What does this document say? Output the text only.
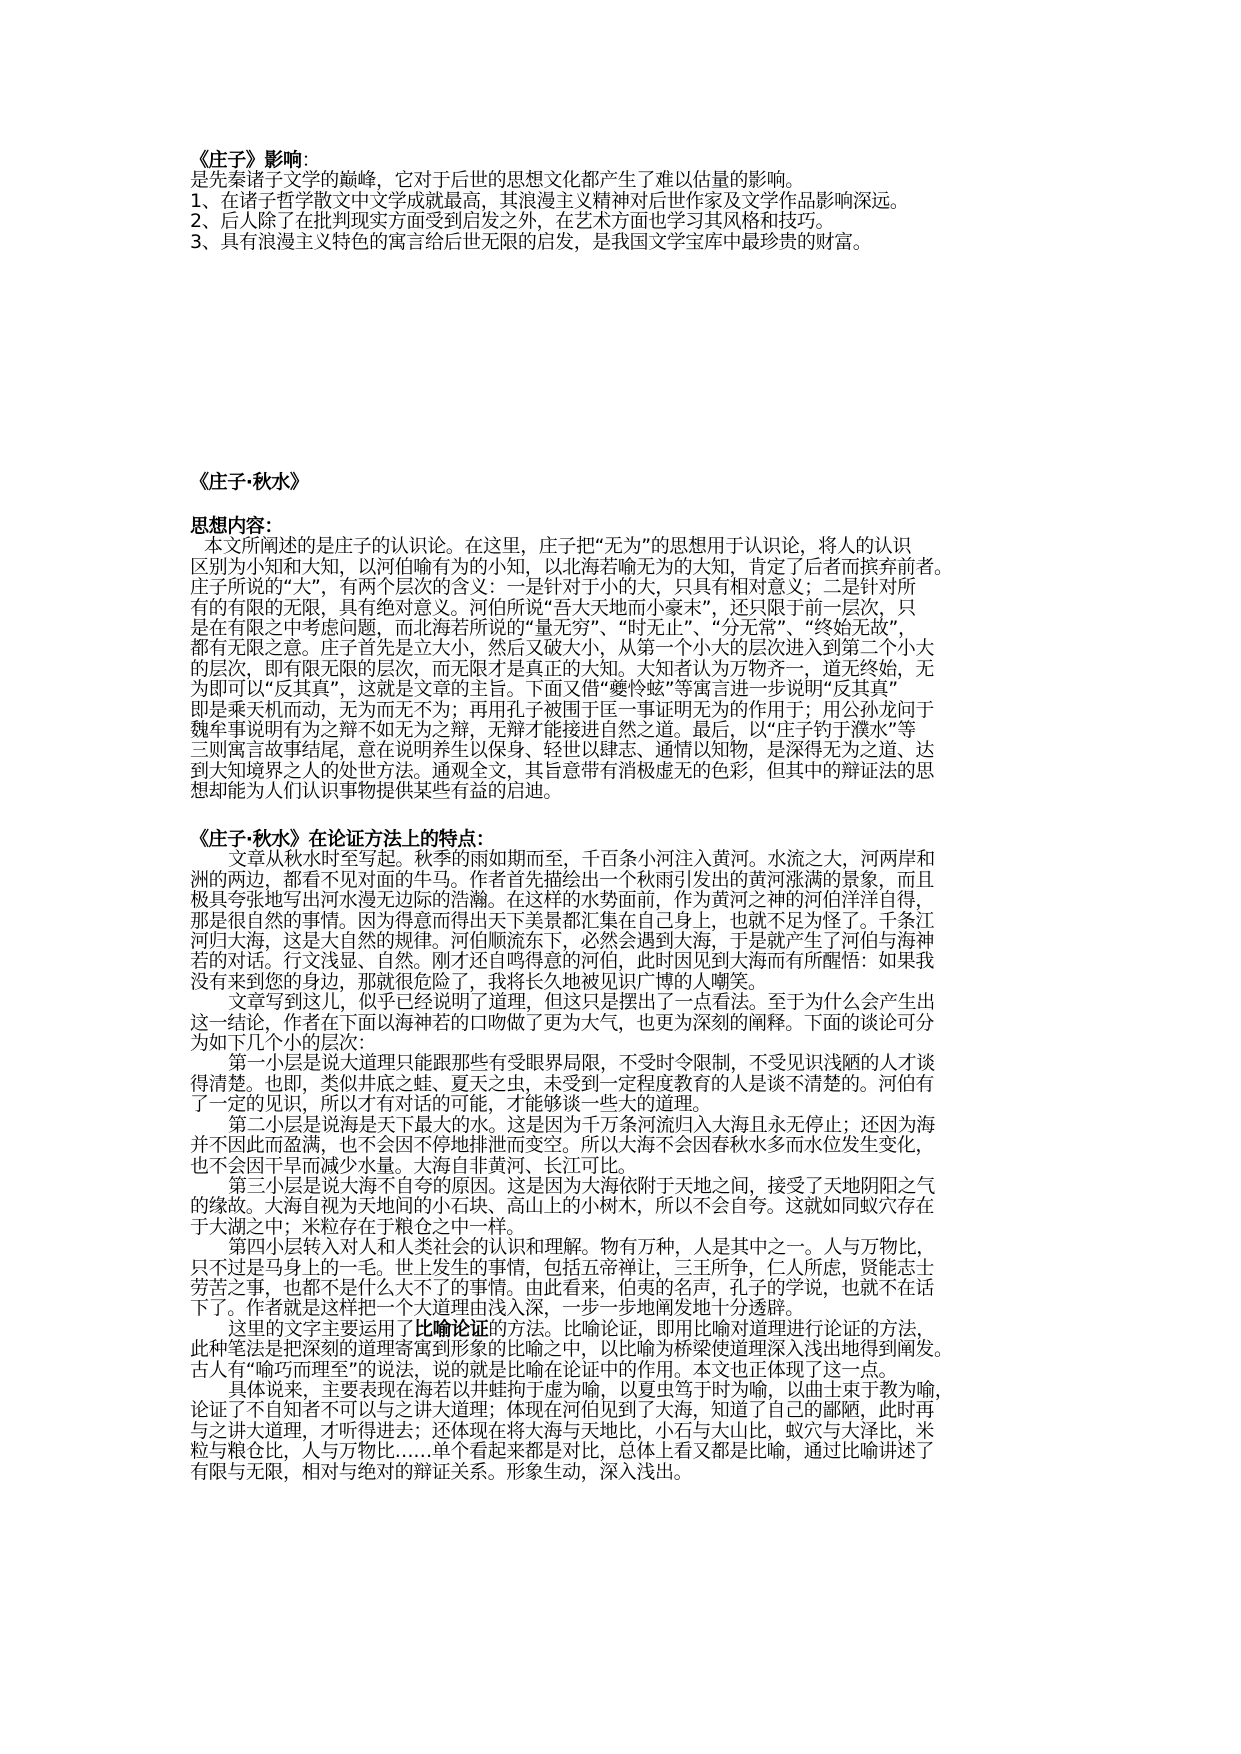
《庄子》影响：
是先秦诸子文学的巅峰，它对于后世的思想文化都产生了难以估量的影响。
1、在诸子哲学散文中文学成就最高，其浪漫主义精神对后世作家及文学作品影响深远。
2、后人除了在批判现实方面受到启发之外，在艺术方面也学习其风格和技巧。
3、具有浪漫主义特色的寓言给后世无限的启发，是我国文学宝库中最珍贵的财富。
《庄子·秋水》
思想内容：
本文所阐述的是庄子的认识论。在这里，庄子把“无为”的思想用于认识论，将人的认识
区别为小知和大知，以河伯喻有为的小知，以北海若喻无为的大知，肯定了后者而摈弃前者。
庄子所说的“大”，有两个层次的含义：一是针对于小的大，只具有相对意义；二是针对所
有的有限的无限，具有绝对意义。河伯所说“吾大天地而小豪末”，还只限于前一层次，只
是在有限之中考虑问题，而北海若所说的“量无穷”、“时无止”、“分无常”、“终始无故”，
都有无限之意。庄子首先是立大小，然后又破大小，从第一个小大的层次进入到第二个小大
的层次，即有限无限的层次，而无限才是真正的大知。大知者认为万物齐一，道无终始，无
为即可以“反其真”，这就是文章的主旨。下面又借“夔怜蚿”等寓言进一步说明“反其真”
即是乘天机而动，无为而无不为；再用孔子被围于匡一事证明无为的作用于；用公孙龙问于
魏牟事说明有为之辩不如无为之辩，无辩才能接进自然之道。最后，以“庄子钓于濮水”等
三则寓言故事结尾，意在说明养生以保身、轻世以肆志、通情以知物，是深得无为之道、达
到大知境界之人的处世方法。通观全文，其旨意带有消极虚无的色彩，但其中的辩证法的思
想却能为人们认识事物提供某些有益的启迪。
《庄子·秋水》在论证方法上的特点：
文章从秋水时至写起。秋季的雨如期而至，千百条小河注入黄河。水流之大，河两岸和
洲的两边，都看不见对面的牛马。作者首先描绘出一个秋雨引发出的黄河涨满的景象，而且
极具夸张地写出河水漫无边际的浩瀚。在这样的水势面前，作为黄河之神的河伯洋洋自得，
那是很自然的事情。因为得意而得出天下美景都汇集在自己身上，也就不足为怪了。千条江
河归大海，这是大自然的规律。河伯顺流东下，必然会遇到大海，于是就产生了河伯与海神
若的对话。行文浅显、自然。刚才还自鸣得意的河伯，此时因见到大海而有所醒悟：如果我
没有来到您的身边，那就很危险了，我将长久地被见识广博的人嘲笑。
文章写到这儿，似乎已经说明了道理，但这只是摆出了一点看法。至于为什么会产生出
这一结论，作者在下面以海神若的口吻做了更为大气，也更为深刻的阐释。下面的谈论可分
为如下几个小的层次：
第一小层是说大道理只能跟那些有受眼界局限，不受时令限制，不受见识浅陋的人才谈
得清楚。也即，类似井底之蛙、夏天之虫，未受到一定程度教育的人是谈不清楚的。河伯有
了一定的见识，所以才有对话的可能，才能够谈一些大的道理。
第二小层是说海是天下最大的水。这是因为千万条河流归入大海且永无停止；还因为海
并不因此而盈满，也不会因不停地排泄而变空。所以大海不会因春秋水多而水位发生变化，
也不会因干旱而减少水量。大海自非黄河、长江可比。
第三小层是说大海不自夸的原因。这是因为大海依附于天地之间，接受了天地阴阳之气
的缘故。大海自视为天地间的小石块、高山上的小树木，所以不会自夸。这就如同蚁穴存在
于大湖之中；米粒存在于粮仓之中一样。
第四小层转入对人和人类社会的认识和理解。物有万种，人是其中之一。人与万物比，
只不过是马身上的一毛。世上发生的事情，包括五帝禅让，三王所争，仁人所虑，贤能志士
劳苦之事，也都不是什么大不了的事情。由此看来，伯夷的名声，孔子的学说，也就不在话
下了。作者就是这样把一个大道理由浅入深，一步一步地阐发地十分透辟。
这里的文字主要运用了比喻论证的方法。比喻论证，即用比喻对道理进行论证的方法，
此种笔法是把深刻的道理寄寓到形象的比喻之中，以比喻为桥梁使道理深入浅出地得到阐发。
古人有“喻巧而理至”的说法，说的就是比喻在论证中的作用。本文也正体现了这一点。
具体说来，主要表现在海若以井蛙拘于虚为喻，以夏虫笃于时为喻，以曲士束于教为喻，
论证了不自知者不可以与之讲大道理；体现在河伯见到了大海，知道了自己的鄙陋，此时再
与之讲大道理，才听得进去；还体现在将大海与天地比，小石与大山比，蚁穴与大泽比，米
粒与粮仓比，人与万物比……单个看起来都是对比，总体上看又都是比喻，通过比喻讲述了
有限与无限，相对与绝对的辩证关系。形象生动，深入浅出。
